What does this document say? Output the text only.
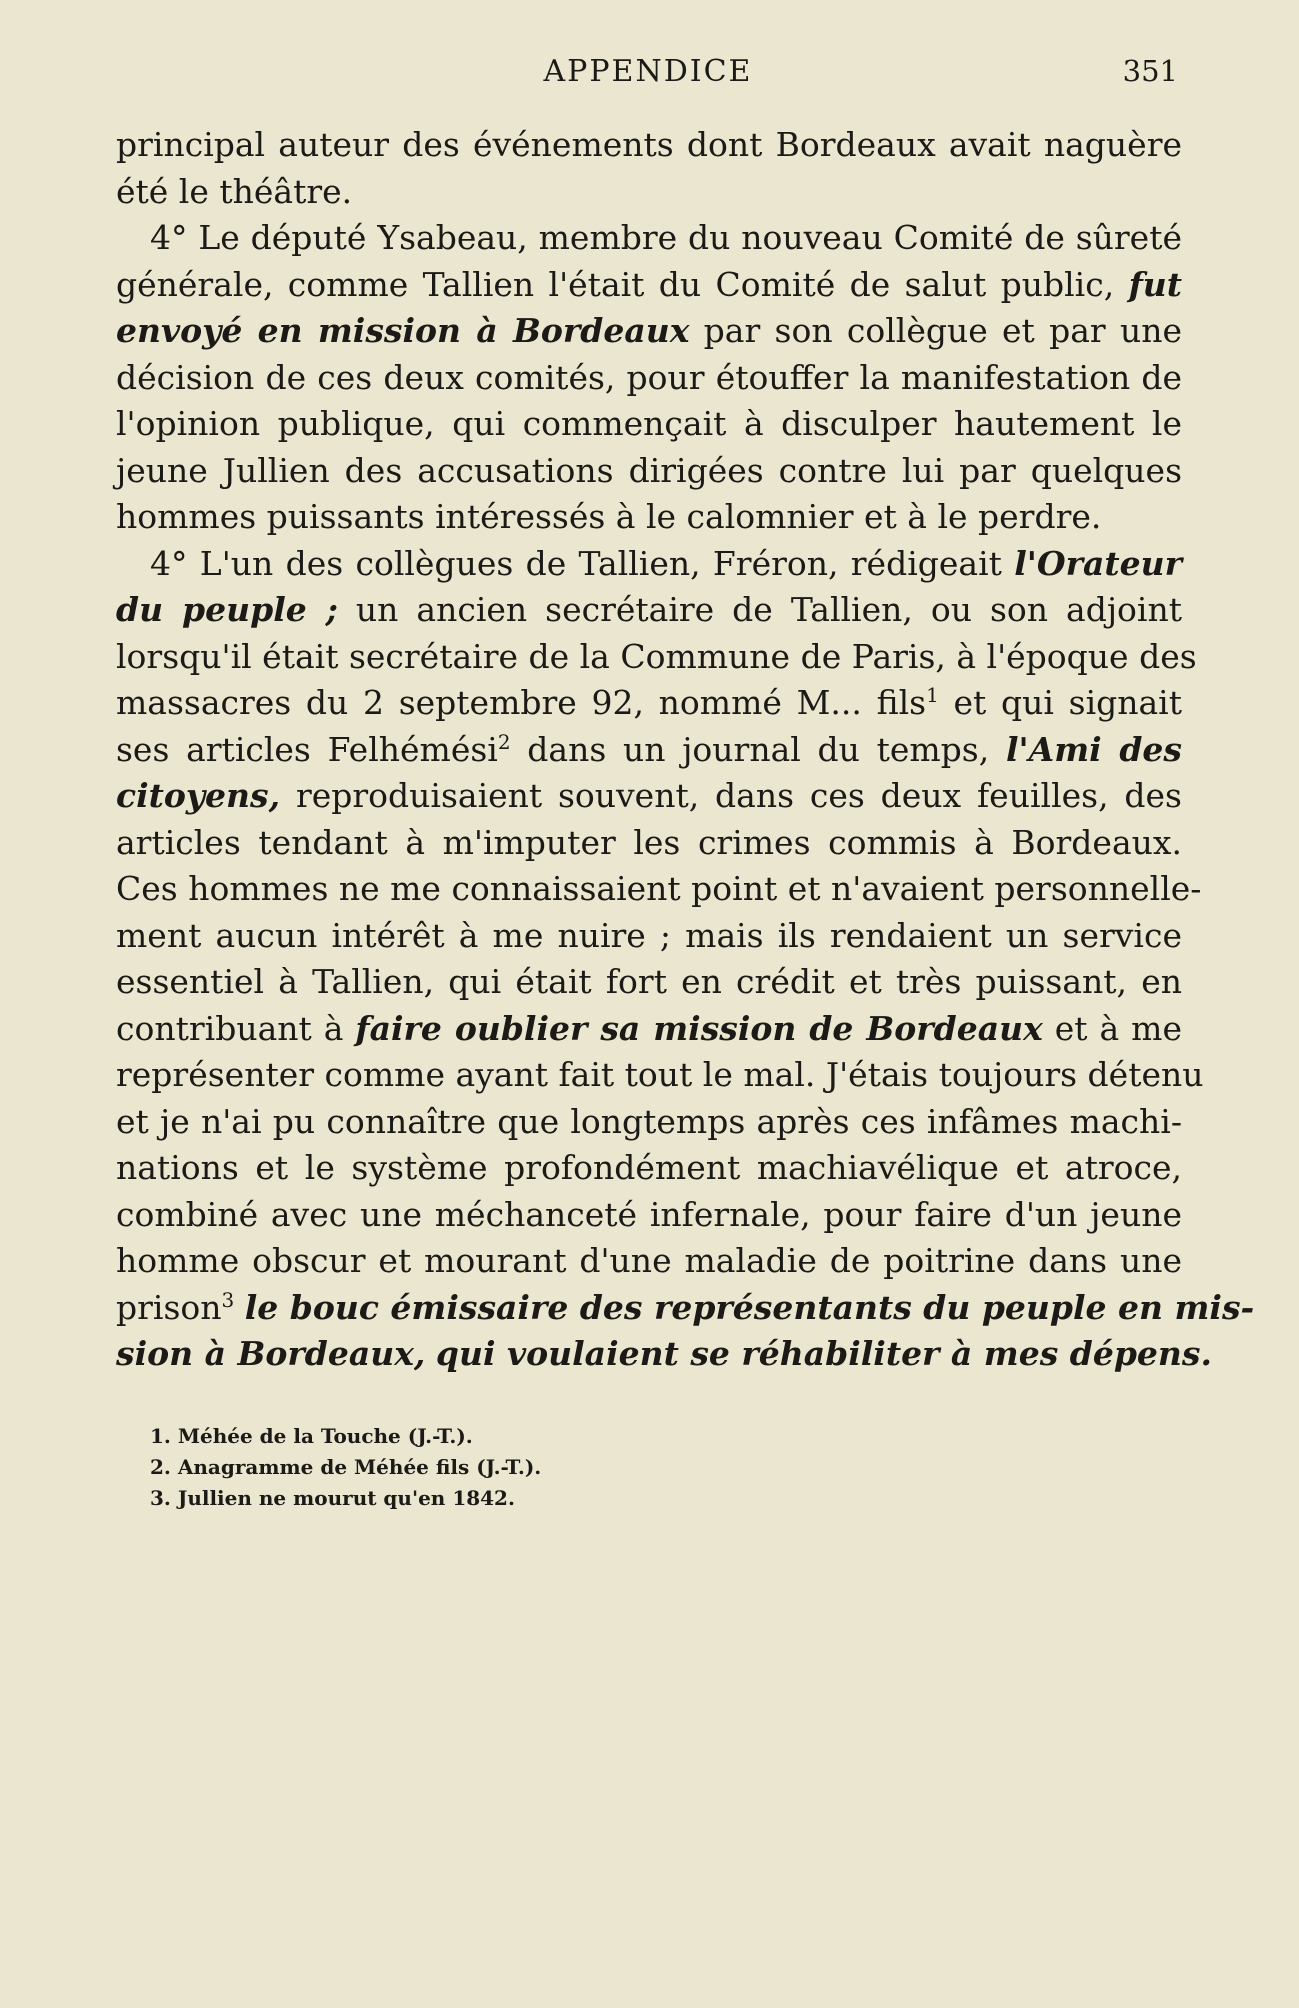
APPENDICE	351
principal auteur des événements dont Bordeaux avait naguère
été le théâtre.
4° Le député Ysabeau, membre du nouveau Comité de sûreté
générale, comme Tallien l'était du Comité de salut public, fut
envoyé en mission à Bordeaux par son collègue et par une
décision de ces deux comités, pour étouffer la manifestation de
l'opinion publique, qui commençait à disculper hautement le
jeune Jullien des accusations dirigées contre lui par quelques
hommes puissants intéressés à le calomnier et à le perdre.
4° L'un des collègues de Tallien, Fréron, rédigeait l'Orateur
du peuple ; un ancien secrétaire de Tallien, ou son adjoint
lorsqu'il était secrétaire de la Commune de Paris, à l'époque des
massacres du 2 septembre 92, nommé M... fils$^1$ et qui signait
ses articles Felhémési$^2$ dans un journal du temps, l'Ami des
citoyens, reproduisaient souvent, dans ces deux feuilles, des
articles tendant à m'imputer les crimes commis à Bordeaux.
Ces hommes ne me connaissaient point et n'avaient personnelle-
ment aucun intérêt à me nuire ; mais ils rendaient un service
essentiel à Tallien, qui était fort en crédit et très puissant, en
contribuant à faire oublier sa mission de Bordeaux et à me
représenter comme ayant fait tout le mal. J'étais toujours détenu
et je n'ai pu connaître que longtemps après ces infâmes machi-
nations et le système profondément machiavélique et atroce,
combiné avec une méchanceté infernale, pour faire d'un jeune
homme obscur et mourant d'une maladie de poitrine dans une
prison$^3$ le bouc émissaire des représentants du peuple en mis-
sion à Bordeaux, qui voulaient se réhabiliter à mes dépens.
1. Méhée de la Touche (J.-T.).
2. Anagramme de Méhée fils (J.-T.).
3. Jullien ne mourut qu'en 1842.
